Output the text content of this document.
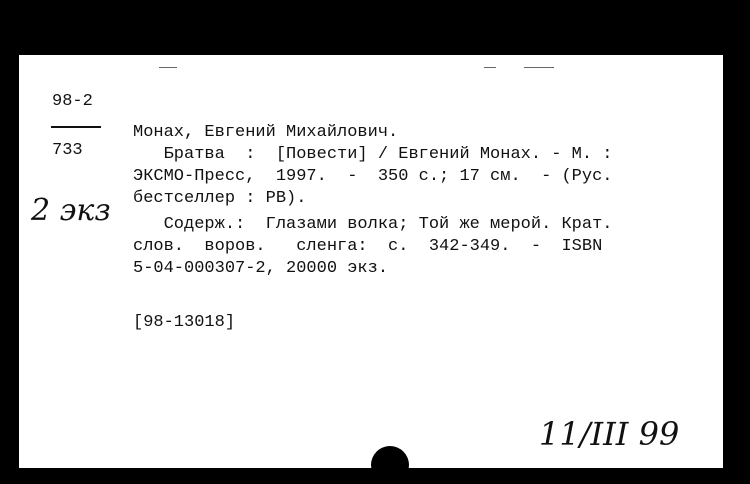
98-2
733
Монах, Евгений Михайлович.
Братва  :  [Повести] / Евгений Монах. - М. :
ЭКСМО-Пресс,  1997.  -  350 с.; 17 см.  - (Рус.
бестселлер : РВ).
Содерж.:  Глазами волка; Той же мерой. Крат.
слов.  воров.   сленга:  с.  342-349.  -  ISBN
5-04-000307-2, 20000 экз.
[98-13018]
2 экз
11/III 99
